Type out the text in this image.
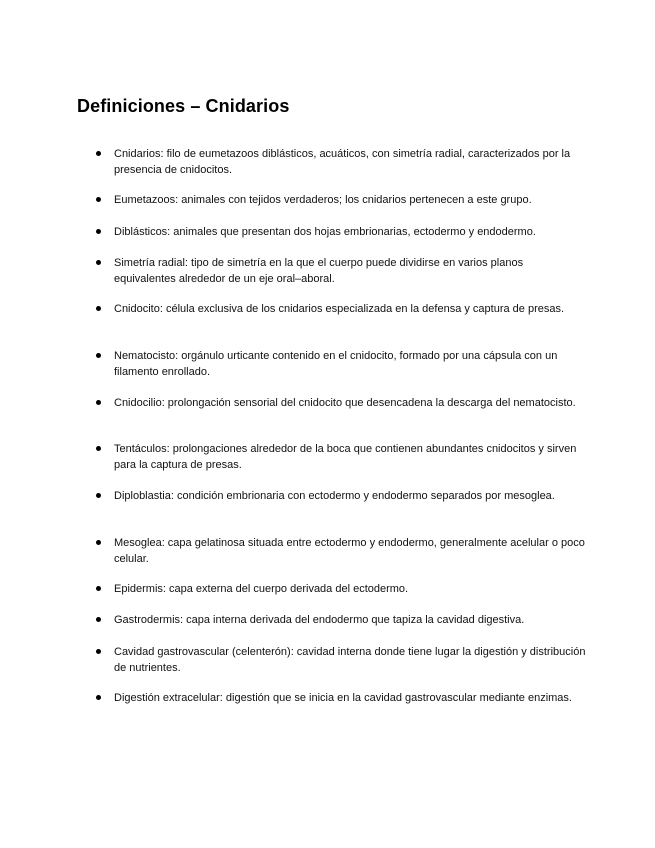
Definiciones – Cnidarios
Cnidarios: filo de eumetazoos diblásticos, acuáticos, con simetría radial, caracterizados por la presencia de cnidocitos.
Eumetazoos: animales con tejidos verdaderos; los cnidarios pertenecen a este grupo.
Diblásticos: animales que presentan dos hojas embrionarias, ectodermo y endodermo.
Simetría radial: tipo de simetría en la que el cuerpo puede dividirse en varios planos equivalentes alrededor de un eje oral–aboral.
Cnidocito: célula exclusiva de los cnidarios especializada en la defensa y captura de presas.
Nematocisto: orgánulo urticante contenido en el cnidocito, formado por una cápsula con un filamento enrollado.
Cnidocilio: prolongación sensorial del cnidocito que desencadena la descarga del nematocisto.
Tentáculos: prolongaciones alrededor de la boca que contienen abundantes cnidocitos y sirven para la captura de presas.
Diploblastia: condición embrionaria con ectodermo y endodermo separados por mesoglea.
Mesoglea: capa gelatinosa situada entre ectodermo y endodermo, generalmente acelular o poco celular.
Epidermis: capa externa del cuerpo derivada del ectodermo.
Gastrodermis: capa interna derivada del endodermo que tapiza la cavidad digestiva.
Cavidad gastrovascular (celenterón): cavidad interna donde tiene lugar la digestión y distribución de nutrientes.
Digestión extracelular: digestión que se inicia en la cavidad gastrovascular mediante enzimas.
